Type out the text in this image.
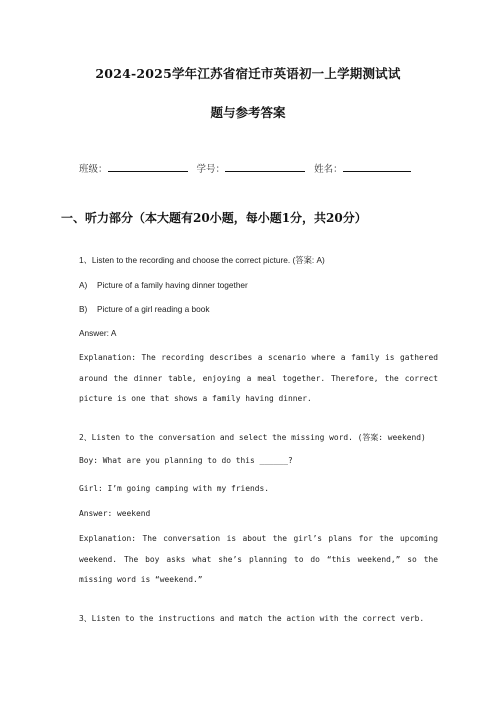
2024-2025学年江苏省宿迁市英语初一上学期测试试
题与参考答案
班级：	学号：	姓名：
一、听力部分（本大题有20小题，每小题1分，共20分）
1、Listen to the recording and choose the correct picture. (答案: A)
A) Picture of a family having dinner together
B) Picture of a girl reading a book
Answer: A
Explanation: The recording describes a scenario where a family is gathered around the dinner table, enjoying a meal together. Therefore, the correct picture is one that shows a family having dinner.
2、Listen to the conversation and select the missing word. (答案: weekend)
Boy: What are you planning to do this ______?
Girl: I’m going camping with my friends.
Answer: weekend
Explanation: The conversation is about the girl’s plans for the upcoming weekend. The boy asks what she’s planning to do “this weekend,” so the missing word is “weekend.”
3、Listen to the instructions and match the action with the correct verb.
